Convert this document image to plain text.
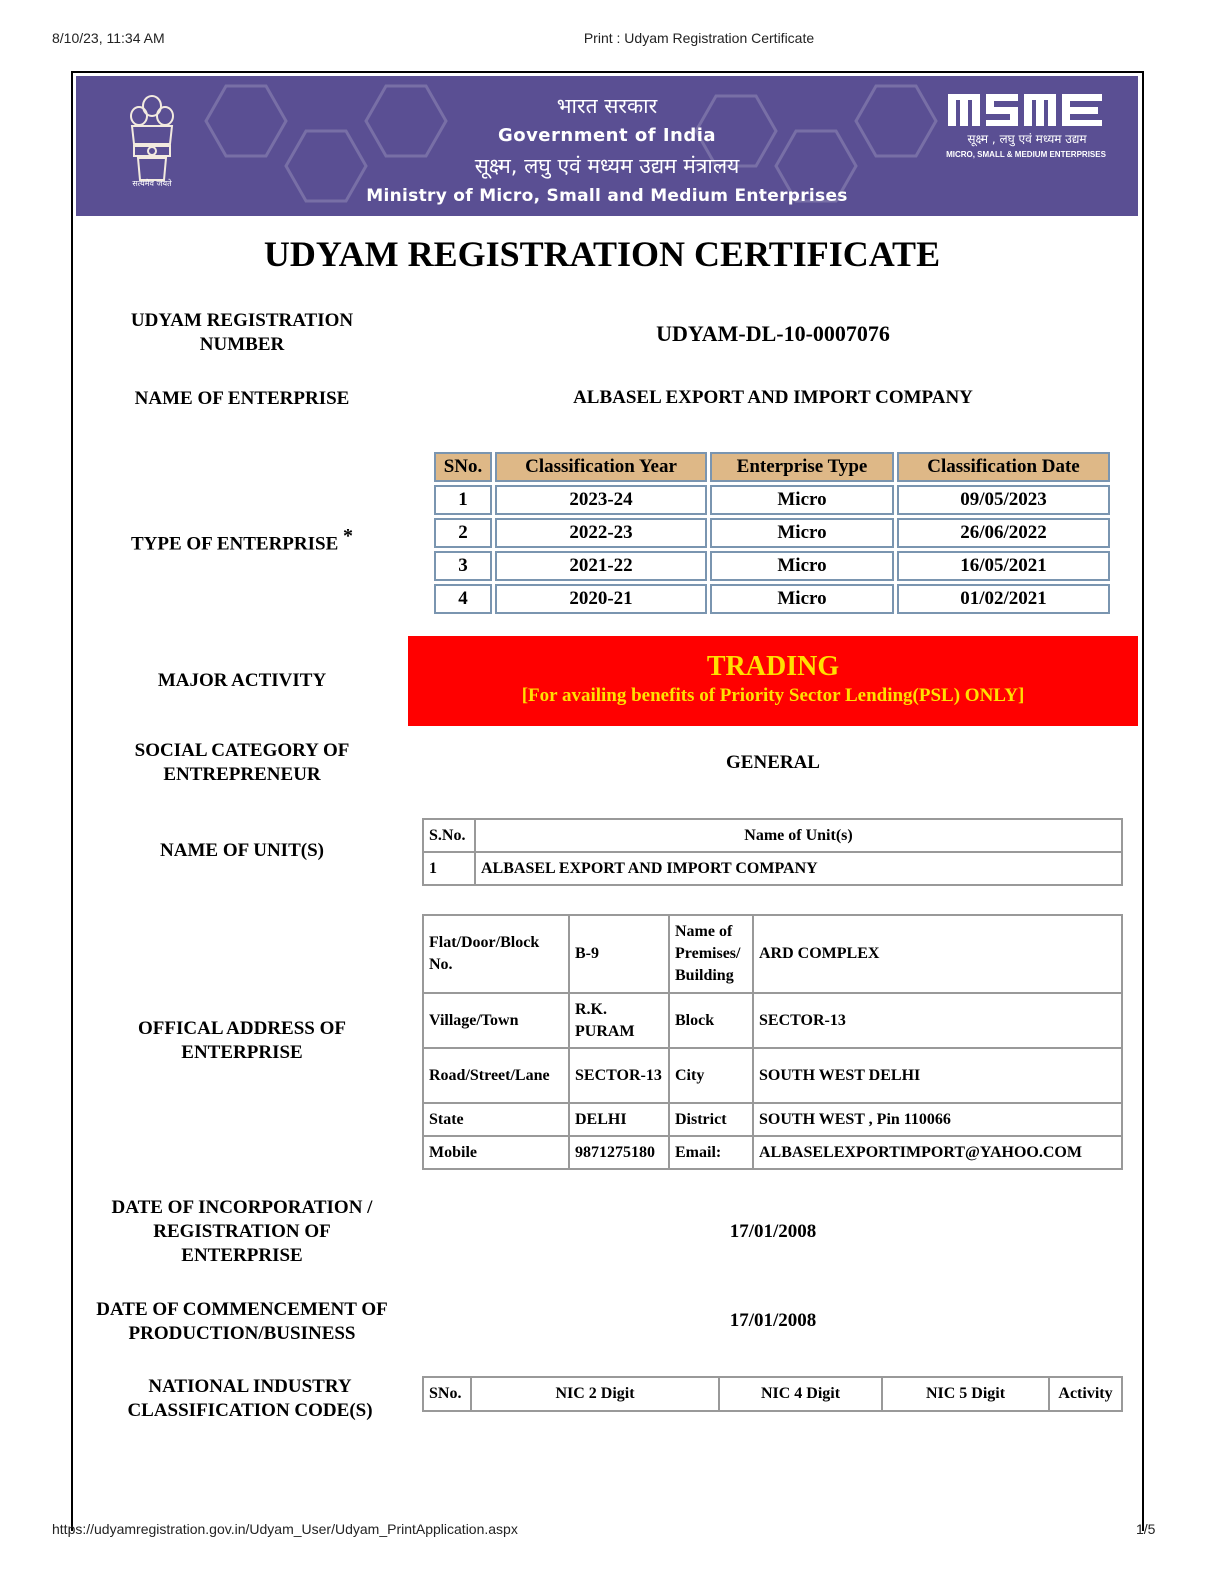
8/10/23, 11:34 AM	Print : Udyam Registration Certificate
सत्यमेव जयते
भारत सरकार
Government of India
सूक्ष्म, लघु एवं मध्यम उद्यम मंत्रालय
Ministry of Micro, Small and Medium Enterprises
सूक्ष्म , लघु एवं मध्यम उद्यम
MICRO, SMALL & MEDIUM ENTERPRISES
UDYAM REGISTRATION CERTIFICATE
UDYAM REGISTRATION NUMBER	UDYAM-DL-10-0007076
NAME OF ENTERPRISE	ALBASEL EXPORT AND IMPORT COMPANY
TYPE OF ENTERPRISE *
SNo.	Classification Year	Enterprise Type	Classification Date
1	2023-24	Micro	09/05/2023
2	2022-23	Micro	26/06/2022
3	2021-22	Micro	16/05/2021
4	2020-21	Micro	01/02/2021
MAJOR ACTIVITY	TRADING
[For availing benefits of Priority Sector Lending(PSL) ONLY]
SOCIAL CATEGORY OF ENTREPRENEUR
GENERAL
NAME OF UNIT(S)
S.No.	Name of Unit(s)
1	ALBASEL EXPORT AND IMPORT COMPANY
OFFICAL ADDRESS OF ENTERPRISE
Flat/Door/Block No.	B-9	Name of Premises/ Building	ARD COMPLEX
Village/Town	R.K. PURAM	Block	SECTOR-13
Road/Street/Lane	SECTOR-13	City	SOUTH WEST DELHI
State	DELHI	District	SOUTH WEST , Pin 110066
Mobile	9871275180	Email:	ALBASELEXPORTIMPORT@YAHOO.COM
DATE OF INCORPORATION / REGISTRATION OF ENTERPRISE
17/01/2008
DATE OF COMMENCEMENT OF PRODUCTION/BUSINESS
17/01/2008
NATIONAL INDUSTRY CLASSIFICATION CODE(S)
SNo.	NIC 2 Digit	NIC 4 Digit	NIC 5 Digit	Activity
https://udyamregistration.gov.in/Udyam_User/Udyam_PrintApplication.aspx	1/5
